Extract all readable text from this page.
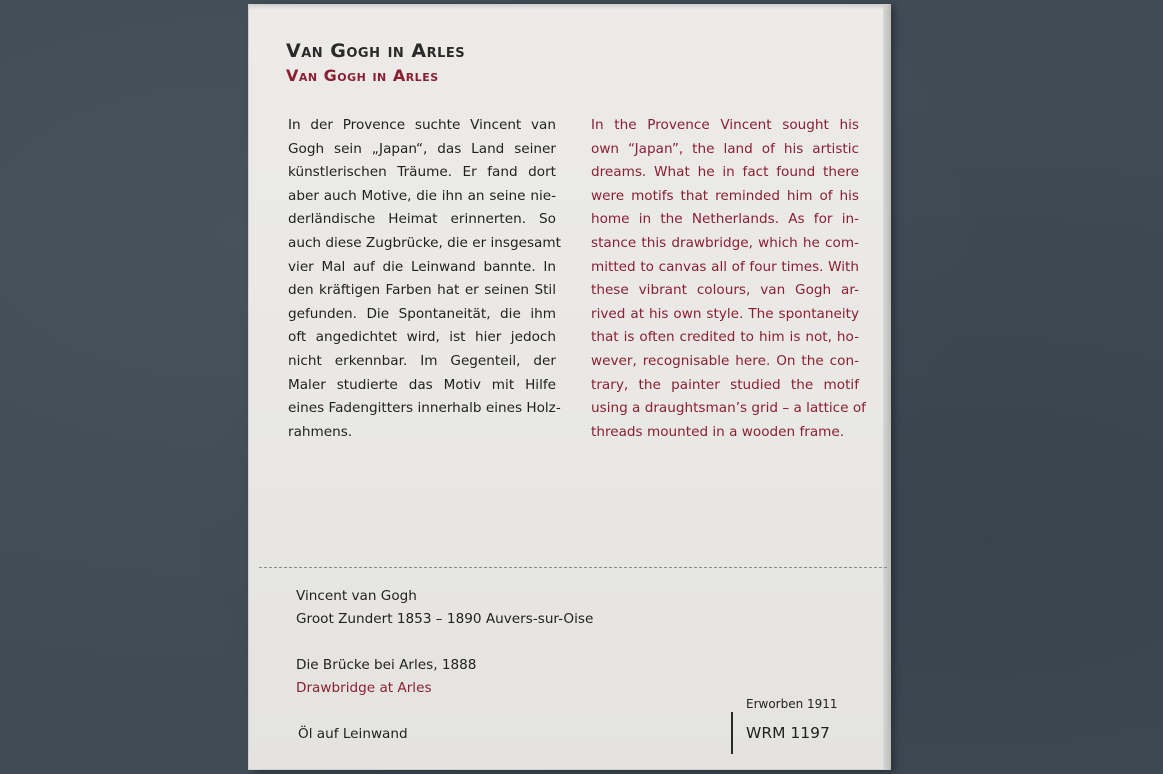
Van Gogh in Arles
Van Gogh in Arles

In der Provence suchte Vincent van
Gogh sein „Japan“, das Land seiner
künstlerischen Träume. Er fand dort
aber auch Motive, die ihn an seine nie-
derländische Heimat erinnerten. So
auch diese Zugbrücke, die er insgesamt
vier Mal auf die Leinwand bannte. In
den kräftigen Farben hat er seinen Stil
gefunden. Die Spontaneität, die ihm
oft angedichtet wird, ist hier jedoch
nicht erkennbar. Im Gegenteil, der
Maler studierte das Motiv mit Hilfe
eines Fadengitters innerhalb eines Holz-
rahmens.

In the Provence Vincent sought his
own “Japan”, the land of his artistic
dreams. What he in fact found there
were motifs that reminded him of his
home in the Netherlands. As for in-
stance this drawbridge, which he com-
mitted to canvas all of four times. With
these vibrant colours, van Gogh ar-
rived at his own style. The spontaneity
that is often credited to him is not, ho-
wever, recognisable here. On the con-
trary, the painter studied the motif
using a draughtsman’s grid – a lattice of
threads mounted in a wooden frame.

Vincent van Gogh
Groot Zundert 1853 – 1890 Auvers-sur-Oise
Die Brücke bei Arles, 1888
Drawbridge at Arles
Öl auf Leinwand
Erworben 1911
WRM 1197
